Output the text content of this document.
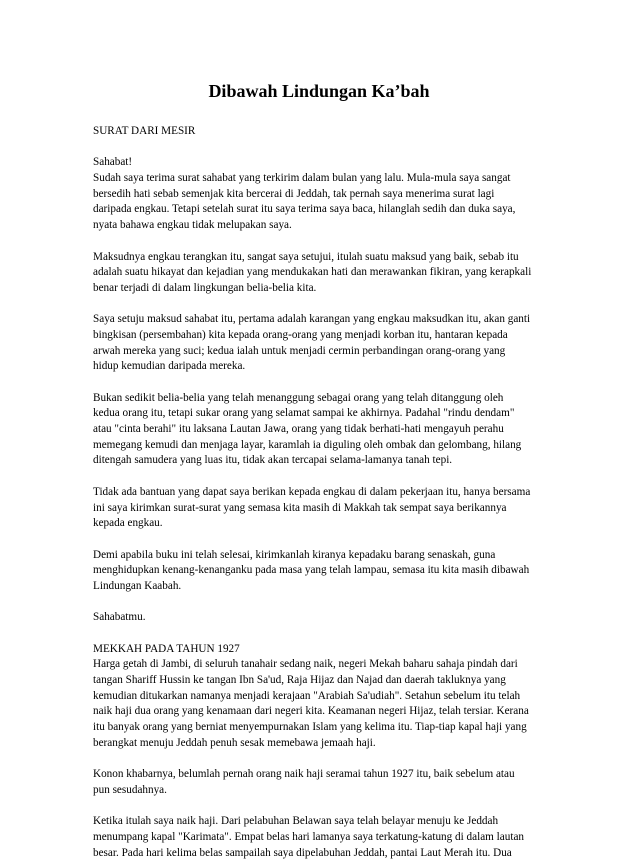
Dibawah Lindungan Ka’bah
SURAT DARI MESIR
Sahabat!
Sudah saya terima surat sahabat yang terkirim dalam bulan yang lalu. Mula-mula saya sangat
bersedih hati sebab semenjak kita bercerai di Jeddah, tak pernah saya menerima surat lagi
daripada engkau. Tetapi setelah surat itu saya terima saya baca, hilanglah sedih dan duka saya,
nyata bahawa engkau tidak melupakan saya.
Maksudnya engkau terangkan itu, sangat saya setujui, itulah suatu maksud yang baik, sebab itu
adalah suatu hikayat dan kejadian yang mendukakan hati dan merawankan fikiran, yang kerapkali
benar terjadi di dalam lingkungan belia-belia kita.
Saya setuju maksud sahabat itu, pertama adalah karangan yang engkau maksudkan itu, akan ganti
bingkisan (persembahan) kita kepada orang-orang yang menjadi korban itu, hantaran kepada
arwah mereka yang suci; kedua ialah untuk menjadi cermin perbandingan orang-orang yang
hidup kemudian daripada mereka.
Bukan sedikit belia-belia yang telah menanggung sebagai orang yang telah ditanggung oleh
kedua orang itu, tetapi sukar orang yang selamat sampai ke akhirnya. Padahal "rindu dendam"
atau "cinta berahi" itu laksana Lautan Jawa, orang yang tidak berhati-hati mengayuh perahu
memegang kemudi dan menjaga layar, karamlah ia diguling oleh ombak dan gelombang, hilang
ditengah samudera yang luas itu, tidak akan tercapai selama-lamanya tanah tepi.
Tidak ada bantuan yang dapat saya berikan kepada engkau di dalam pekerjaan itu, hanya bersama
ini saya kirimkan surat-surat yang semasa kita masih di Makkah tak sempat saya berikannya
kepada engkau.
Demi apabila buku ini telah selesai, kirimkanlah kiranya kepadaku barang senaskah, guna
menghidupkan kenang-kenanganku pada masa yang telah lampau, semasa itu kita masih dibawah
Lindungan Kaabah.
Sahabatmu.
MEKKAH PADA TAHUN 1927
Harga getah di Jambi, di seluruh tanahair sedang naik, negeri Mekah baharu sahaja pindah dari
tangan Shariff Hussin ke tangan Ibn Sa'ud, Raja Hijaz dan Najad dan daerah takluknya yang
kemudian ditukarkan namanya menjadi kerajaan "Arabiah Sa'udiah". Setahun sebelum itu telah
naik haji dua orang yang kenamaan dari negeri kita. Keamanan negeri Hijaz, telah tersiar. Kerana
itu banyak orang yang berniat menyempurnakan Islam yang kelima itu. Tiap-tiap kapal haji yang
berangkat menuju Jeddah penuh sesak memebawa jemaah haji.
Konon khabarnya, belumlah pernah orang naik haji seramai tahun 1927 itu, baik sebelum atau
pun sesudahnya.
Ketika itulah saya naik haji. Dari pelabuhan Belawan saya telah belayar menuju ke Jeddah
menumpang kapal "Karimata". Empat belas hari lamanya saya terkatung-katung di dalam lautan
besar. Pada hari kelima belas sampailah saya dipelabuhan Jeddah, pantai Laut Merah itu. Dua
